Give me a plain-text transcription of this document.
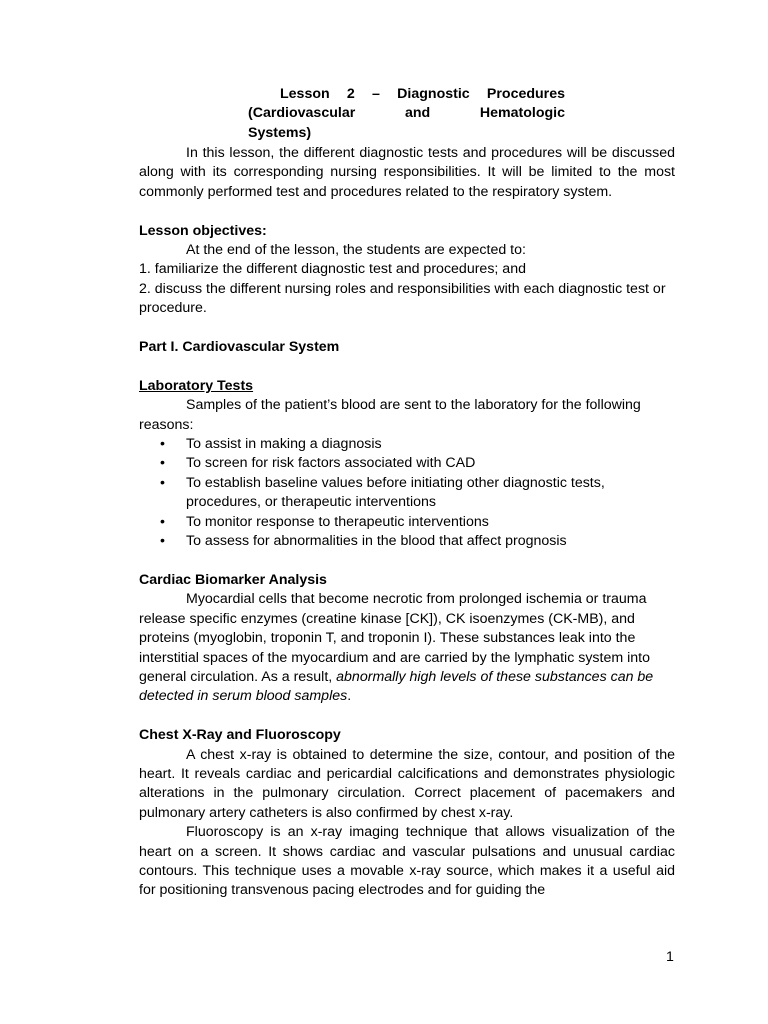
Lesson 2 – Diagnostic Procedures
(Cardiovascular	and	Hematologic
Systems)

In this lesson, the different diagnostic tests and procedures will be discussed along with its corresponding nursing responsibilities. It will be limited to the most commonly performed test and procedures related to the respiratory system.

Lesson objectives:

At the end of the lesson, the students are expected to:

1. familiarize the different diagnostic test and procedures; and

2. discuss the different nursing roles and responsibilities with each diagnostic test or procedure.

Part I. Cardiovascular System

Laboratory Tests

Samples of the patient’s blood are sent to the laboratory for the following reasons:

• To assist in making a diagnosis
• To screen for risk factors associated with CAD
• To establish baseline values before initiating other diagnostic tests, procedures, or therapeutic interventions
• To monitor response to therapeutic interventions
• To assess for abnormalities in the blood that affect prognosis

Cardiac Biomarker Analysis

Myocardial cells that become necrotic from prolonged ischemia or trauma release specific enzymes (creatine kinase [CK]), CK isoenzymes (CK-MB), and proteins (myoglobin, troponin T, and troponin I). These substances leak into the interstitial spaces of the myocardium and are carried by the lymphatic system into general circulation. As a result, abnormally high levels of these substances can be detected in serum blood samples.

Chest X-Ray and Fluoroscopy

A chest x-ray is obtained to determine the size, contour, and position of the heart. It reveals cardiac and pericardial calcifications and demonstrates physiologic alterations in the pulmonary circulation. Correct placement of pacemakers and pulmonary artery catheters is also confirmed by chest x-ray.

Fluoroscopy is an x-ray imaging technique that allows visualization of the heart on a screen. It shows cardiac and vascular pulsations and unusual cardiac contours. This technique uses a movable x-ray source, which makes it a useful aid for positioning transvenous pacing electrodes and for guiding the

1
